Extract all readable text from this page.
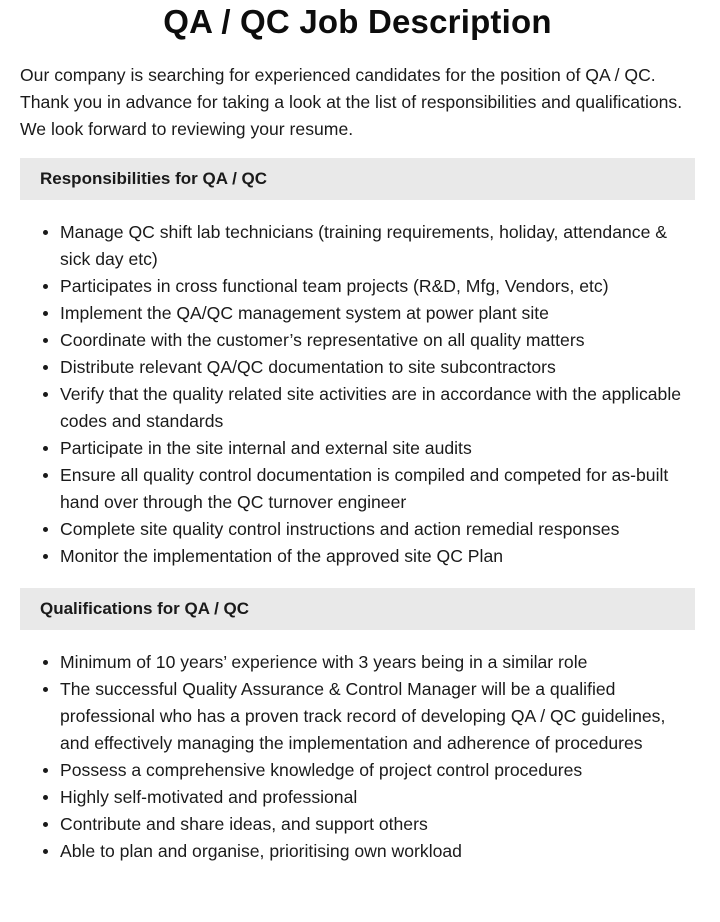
QA / QC Job Description

Our company is searching for experienced candidates for the position of QA / QC. Thank you in advance for taking a look at the list of responsibilities and qualifications. We look forward to reviewing your resume.

Responsibilities for QA / QC
Manage QC shift lab technicians (training requirements, holiday, attendance & sick day etc)
Participates in cross functional team projects (R&D, Mfg, Vendors, etc)
Implement the QA/QC management system at power plant site
Coordinate with the customer’s representative on all quality matters
Distribute relevant QA/QC documentation to site subcontractors
Verify that the quality related site activities are in accordance with the applicable codes and standards
Participate in the site internal and external site audits
Ensure all quality control documentation is compiled and competed for as-built hand over through the QC turnover engineer
Complete site quality control instructions and action remedial responses
Monitor the implementation of the approved site QC Plan
Qualifications for QA / QC
Minimum of 10 years’ experience with 3 years being in a similar role
The successful Quality Assurance & Control Manager will be a qualified professional who has a proven track record of developing QA / QC guidelines, and effectively managing the implementation and adherence of procedures
Possess a comprehensive knowledge of project control procedures
Highly self-motivated and professional
Contribute and share ideas, and support others
Able to plan and organise, prioritising own workload
